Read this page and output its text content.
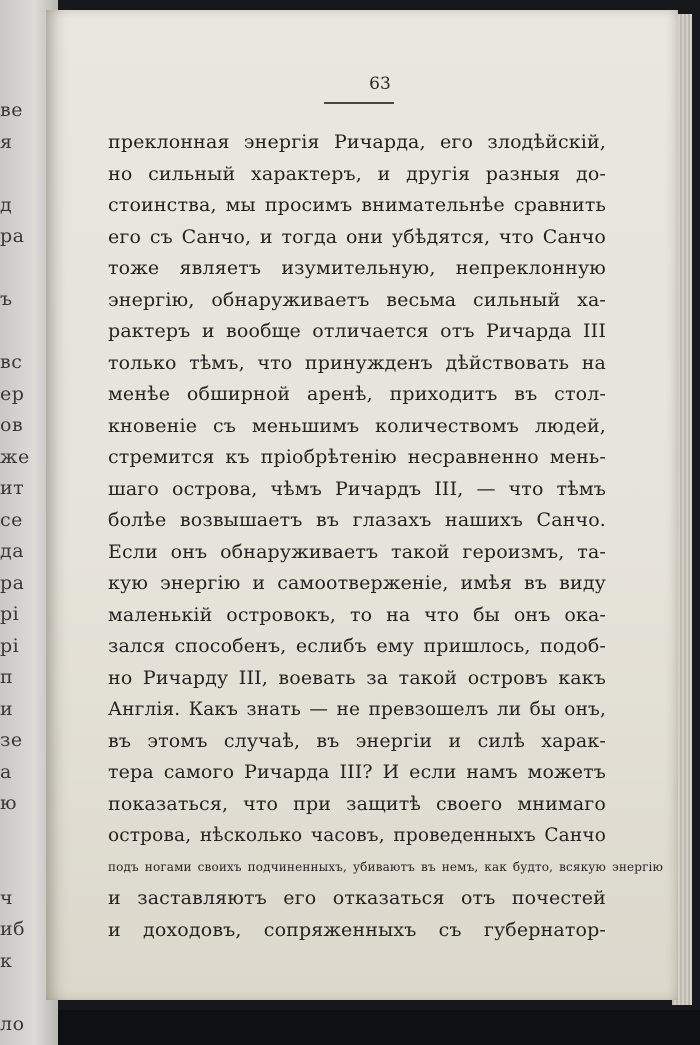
ве
я
д
ра
ъ
вс
ер
ов
же
ит
се
да
ра
рі
рі
п
и
зе
а
ю
ч
иб
к
ло
63
преклонная энергія Ричарда, его злодѣйскій,
но сильный характеръ, и другія разныя до-
стоинства, мы просимъ внимательнѣе сравнить
его съ Санчо, и тогда они убѣдятся, что Санчо
тоже являетъ изумительную, непреклонную
энергію, обнаруживаетъ весьма сильный ха-
рактеръ и вообще отличается отъ Ричарда III
только тѣмъ, что принужденъ дѣйствовать на
менѣе обширной аренѣ, приходитъ въ стол-
кновеніе съ меньшимъ количествомъ людей,
стремится къ пріобрѣтенію несравненно мень-
шаго острова, чѣмъ Ричардъ III, — что тѣмъ
болѣе возвышаетъ въ глазахъ нашихъ Санчо.
Если онъ обнаруживаетъ такой героизмъ, та-
кую энергію и самоотверженіе, имѣя въ виду
маленькій островокъ, то на что бы онъ ока-
зался способенъ, еслибъ ему пришлось, подоб-
но Ричарду III, воевать за такой островъ какъ
Англія. Какъ знать — не превзошелъ ли бы онъ,
въ этомъ случаѣ, въ энергіи и силѣ харак-
тера самого Ричарда III? И если намъ можетъ
показаться, что при защитѣ своего мнимаго
острова, нѣсколько часовъ, проведенныхъ Санчо
подъ ногами своихъ подчиненныхъ, убиваютъ въ немъ, как будто, всякую энергію
и заставляютъ его отказаться отъ почестей
и доходовъ, сопряженныхъ съ губернатор-
